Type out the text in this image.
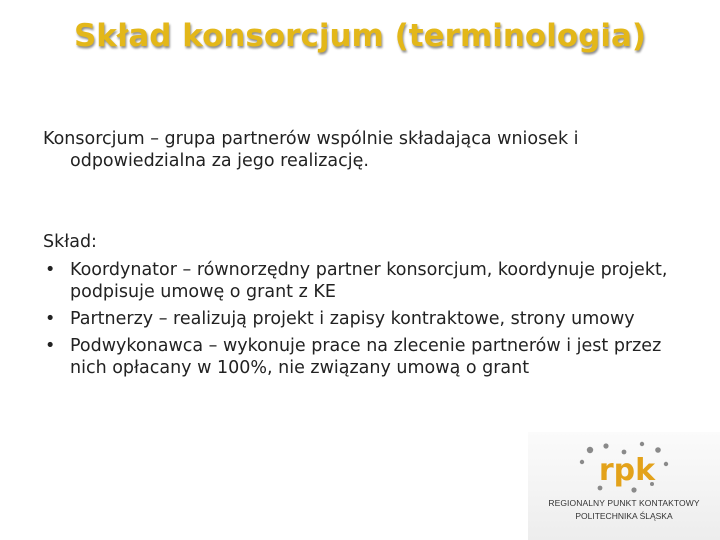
Skład konsorcjum (terminologia)

Konsorcjum – grupa partnerów wspólnie składająca wniosek i odpowiedzialna za jego realizację.

Skład:

• Koordynator – równorzędny partner konsorcjum, koordynuje projekt, podpisuje umowę o grant z KE
• Partnerzy – realizują projekt i zapisy kontraktowe, strony umowy
• Podwykonawca – wykonuje prace na zlecenie partnerów i jest przez nich opłacany w 100%, nie związany umową o grant
rpk
REGIONALNY PUNKT KONTAKTOWY
POLITECHNIKA ŚLĄSKA
